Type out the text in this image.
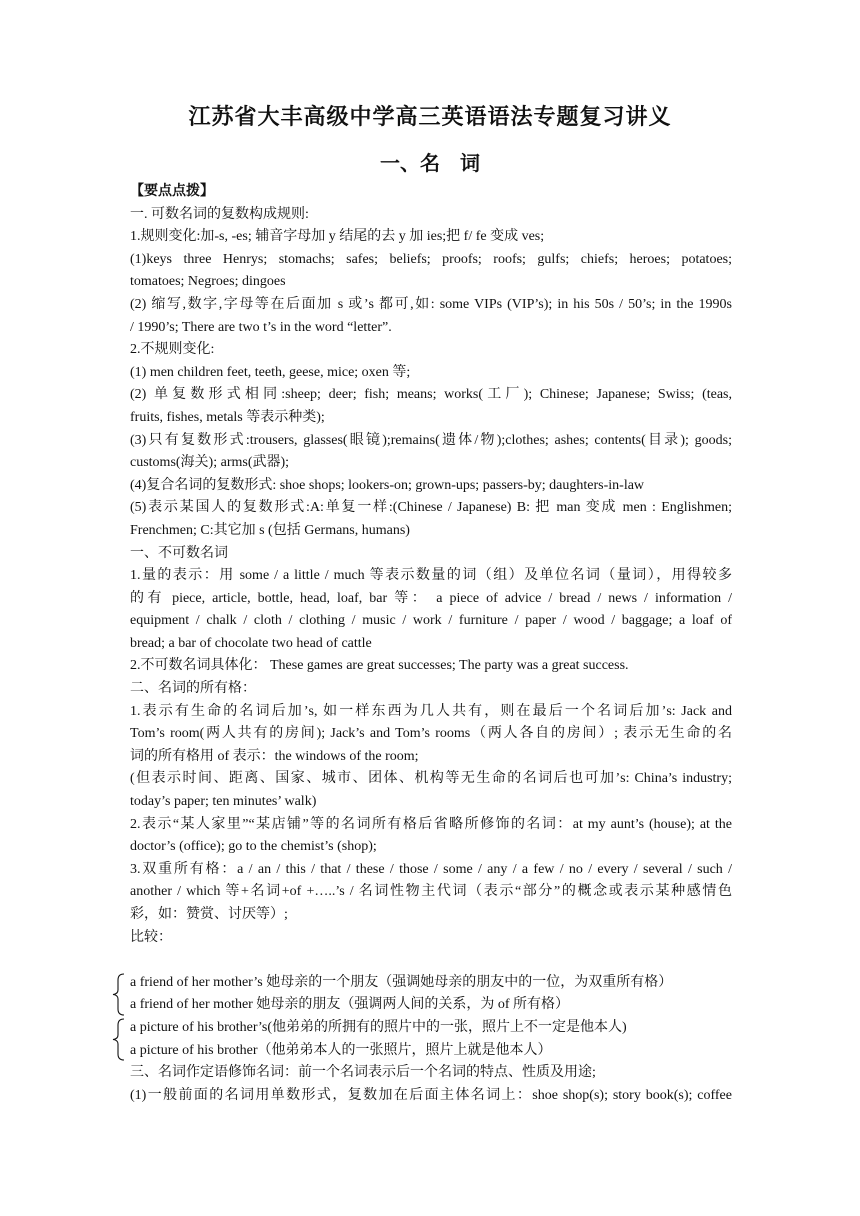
江苏省大丰高级中学高三英语语法专题复习讲义
一、名　词
【要点点拨】
一. 可数名词的复数构成规则:
1.规则变化:加-s, -es; 辅音字母加 y 结尾的去 y 加 ies;把 f/ fe 变成 ves;
(1)keys three Henrys; stomachs; safes; beliefs; proofs; roofs; gulfs; chiefs; heroes; potatoes;
tomatoes; Negroes; dingoes
(2) 缩写,数字,字母等在后面加 s 或’s 都可,如: some VIPs (VIP’s); in his 50s / 50’s; in the 1990s
/ 1990’s; There are two t’s in the word “letter”.
2.不规则变化:
(1) men children feet, teeth, geese, mice; oxen 等;
(2) 单复数形式相同:sheep; deer; fish; means; works(工厂); Chinese; Japanese; Swiss; (teas,
fruits, fishes, metals 等表示种类);
(3)只有复数形式:trousers, glasses(眼镜);remains(遗体/物);clothes; ashes; contents(目录); goods;
customs(海关); arms(武器);
(4)复合名词的复数形式: shoe shops; lookers-on; grown-ups; passers-by; daughters-in-law
(5)表示某国人的复数形式:A:单复一样:(Chinese / Japanese) B: 把 man 变成 men : Englishmen;
Frenchmen; C:其它加 s (包括 Germans, humans)
一、不可数名词
1.量的表示：用 some / a little / much 等表示数量的词（组）及单位名词（量词），用得较多
的有 piece, article, bottle, head, loaf, bar 等： a piece of advice / bread / news / information /
equipment / chalk / cloth / clothing / music / work / furniture / paper / wood / baggage; a loaf of
bread; a bar of chocolate two head of cattle
2.不可数名词具体化： These games are great successes; The party was a great success.
二、名词的所有格：
1.表示有生命的名词后加’s, 如一样东西为几人共有，则在最后一个名词后加’s: Jack and
Tom’s room(两人共有的房间); Jack’s and Tom’s rooms（两人各自的房间）; 表示无生命的名
词的所有格用 of 表示：the windows of the room;
(但表示时间、距离、国家、城市、团体、机构等无生命的名词后也可加’s: China’s industry;
today’s paper; ten minutes’ walk)
2.表示“某人家里”“某店铺”等的名词所有格后省略所修饰的名词：at my aunt’s (house); at the
doctor’s (office); go to the chemist’s (shop);
3.双重所有格：a / an / this / that / these / those / some / any / a few / no / every / several / such /
another / which 等+名词+of +…..’s / 名词性物主代词（表示“部分”的概念或表示某种感情色
彩，如：赞赏、讨厌等）;
比较：
a friend of her mother’s 她母亲的一个朋友（强调她母亲的朋友中的一位，为双重所有格）
a friend of her mother 她母亲的朋友（强调两人间的关系，为 of 所有格）
a picture of his brother’s(他弟弟的所拥有的照片中的一张，照片上不一定是他本人)
a picture of his brother（他弟弟本人的一张照片，照片上就是他本人）
三、名词作定语修饰名词：前一个名词表示后一个名词的特点、性质及用途;
(1)一般前面的名词用单数形式，复数加在后面主体名词上：shoe shop(s); story book(s); coffee
